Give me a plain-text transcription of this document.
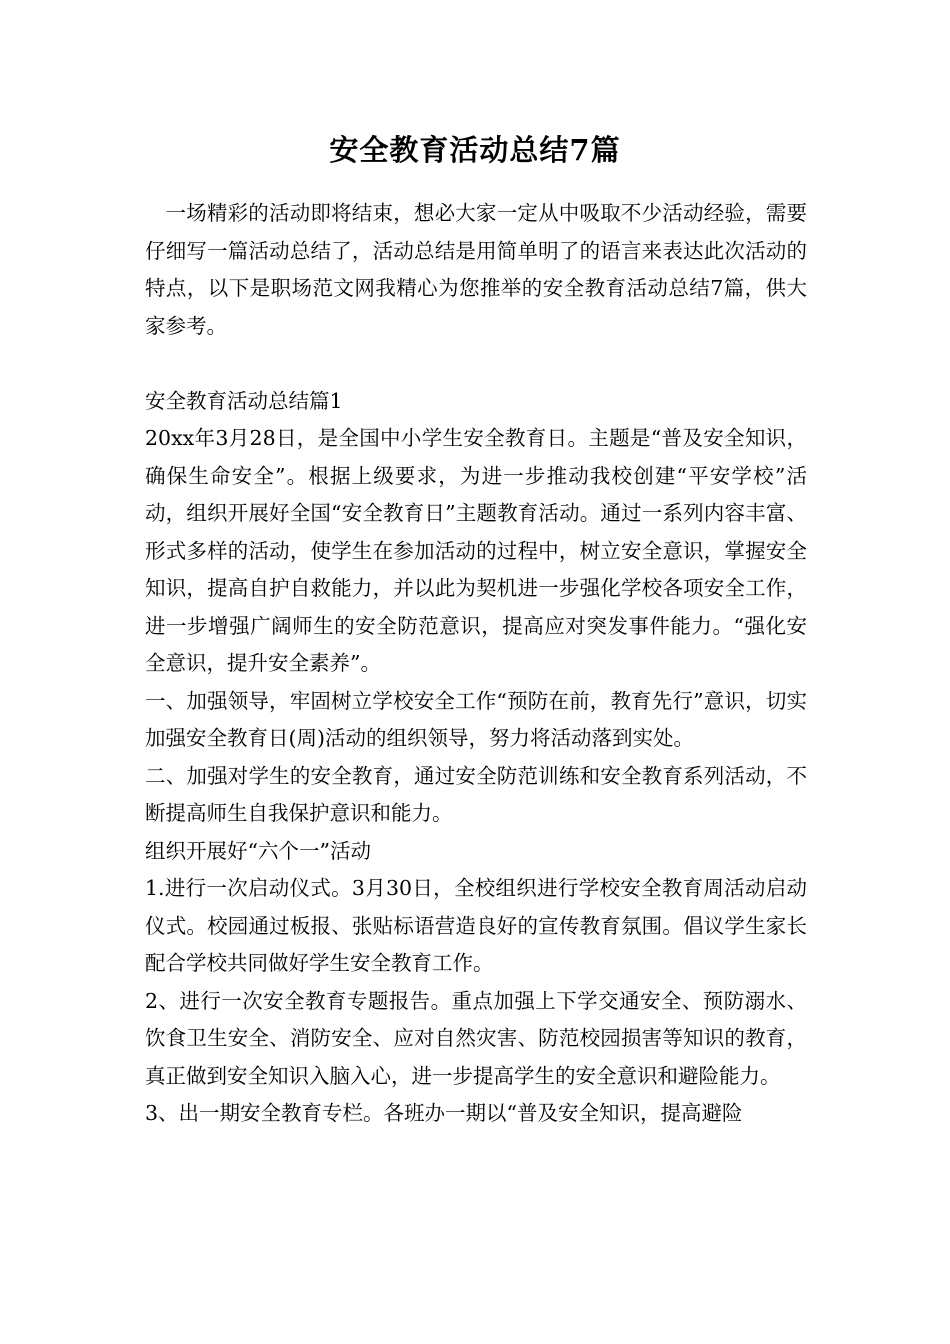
安全教育活动总结7篇

一场精彩的活动即将结束，想必大家一定从中吸取不少活动经验，需要仔细写一篇活动总结了，活动总结是用简单明了的语言来表达此次活动的特点，以下是职场范文网我精心为您推举的安全教育活动总结7篇，供大家参考。

安全教育活动总结篇1

20xx年3月28日，是全国中小学生安全教育日。主题是“普及安全知识，确保生命安全”。根据上级要求，为进一步推动我校创建“平安学校”活动，组织开展好全国“安全教育日”主题教育活动。通过一系列内容丰富、形式多样的活动，使学生在参加活动的过程中，树立安全意识，掌握安全知识，提高自护自救能力，并以此为契机进一步强化学校各项安全工作，进一步增强广阔师生的安全防范意识，提高应对突发事件能力。“强化安全意识，提升安全素养”。

一、加强领导，牢固树立学校安全工作“预防在前，教育先行”意识，切实加强安全教育日(周)活动的组织领导，努力将活动落到实处。

二、加强对学生的安全教育，通过安全防范训练和安全教育系列活动，不断提高师生自我保护意识和能力。

组织开展好“六个一”活动

1.进行一次启动仪式。3月30日，全校组织进行学校安全教育周活动启动仪式。校园通过板报、张贴标语营造良好的宣传教育氛围。倡议学生家长配合学校共同做好学生安全教育工作。

2、进行一次安全教育专题报告。重点加强上下学交通安全、预防溺水、饮食卫生安全、消防安全、应对自然灾害、防范校园损害等知识的教育，真正做到安全知识入脑入心，进一步提高学生的安全意识和避险能力。

3、出一期安全教育专栏。各班办一期以“普及安全知识，提高避险
